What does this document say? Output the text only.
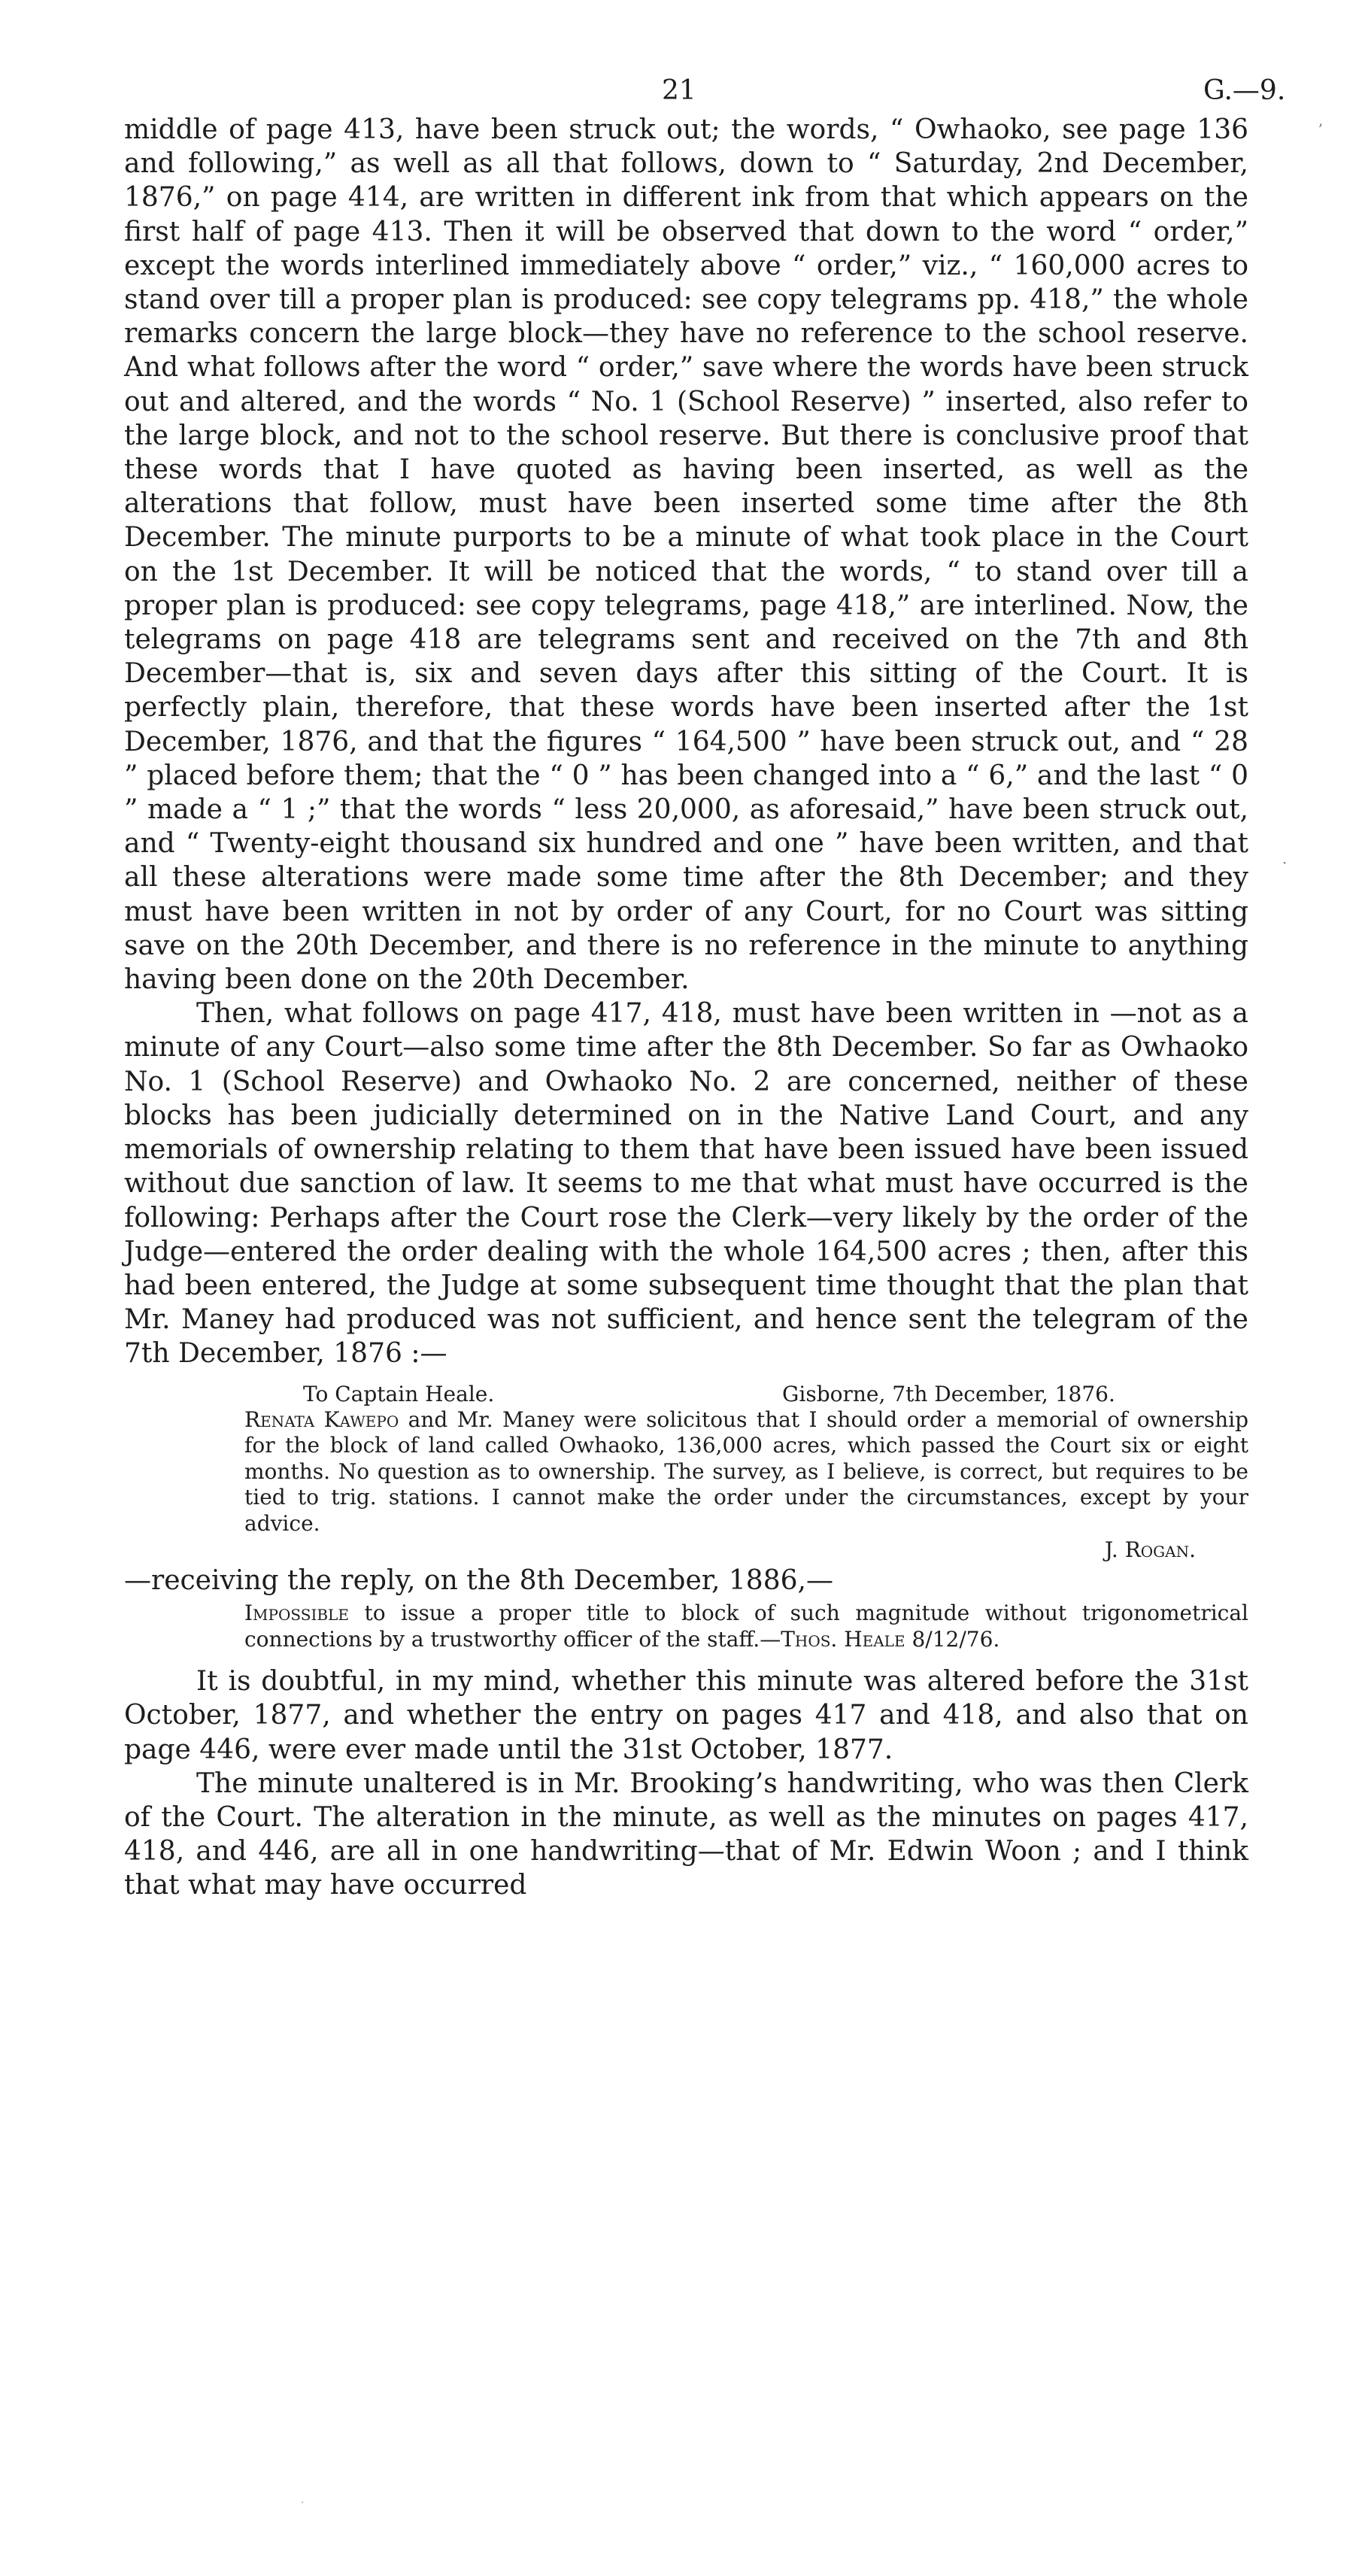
21	G.—9.

middle of page 413, have been struck out; the words, “ Owhaoko, see page 136 and following,” as well as all that follows, down to “ Saturday, 2nd December, 1876,” on page 414, are written in different ink from that which appears on the first half of page 413. Then it will be observed that down to the word “ order,” except the words interlined immediately above “ order,” viz., “ 160,000 acres to stand over till a proper plan is produced: see copy telegrams pp. 418,” the whole remarks concern the large block—they have no reference to the school reserve. And what follows after the word “ order,” save where the words have been struck out and altered, and the words “ No. 1 (School Reserve) ” inserted, also refer to the large block, and not to the school reserve. But there is conclusive proof that these words that I have quoted as having been inserted, as well as the alterations that follow, must have been inserted some time after the 8th December. The minute purports to be a minute of what took place in the Court on the 1st December. It will be noticed that the words, “ to stand over till a proper plan is produced: see copy telegrams, page 418,” are interlined. Now, the telegrams on page 418 are telegrams sent and received on the 7th and 8th December—that is, six and seven days after this sitting of the Court. It is perfectly plain, therefore, that these words have been inserted after the 1st December, 1876, and that the figures “ 164,500 ” have been struck out, and “ 28 ” placed before them; that the “ 0 ” has been changed into a “ 6,” and the last “ 0 ” made a “ 1 ;” that the words “ less 20,000, as aforesaid,” have been struck out, and “ Twenty-eight thousand six hundred and one ” have been written, and that all these alterations were made some time after the 8th December; and they must have been written in not by order of any Court, for no Court was sitting save on the 20th December, and there is no reference in the minute to anything having been done on the 20th December.

Then, what follows on page 417, 418, must have been written in —not as a minute of any Court—also some time after the 8th December. So far as Owhaoko No. 1 (School Reserve) and Owhaoko No. 2 are concerned, neither of these blocks has been judicially determined on in the Native Land Court, and any memorials of ownership relating to them that have been issued have been issued without due sanction of law. It seems to me that what must have occurred is the following: Perhaps after the Court rose the Clerk—very likely by the order of the Judge—entered the order dealing with the whole 164,500 acres ; then, after this had been entered, the Judge at some subsequent time thought that the plan that Mr. Maney had produced was not sufficient, and hence sent the telegram of the 7th December, 1876 :—

To Captain Heale.	Gisborne, 7th December, 1876.
Renata Kawepo and Mr. Maney were solicitous that I should order a memorial of ownership for the block of land called Owhaoko, 136,000 acres, which passed the Court six or eight months. No question as to ownership. The survey, as I believe, is correct, but requires to be tied to trig. stations. I cannot make the order under the circumstances, except by your advice.
J. Rogan.

—receiving the reply, on the 8th December, 1886,—

Impossible to issue a proper title to block of such magnitude without trigonometrical connections by a trustworthy officer of the staff.—Thos. Heale 8/12/76.

It is doubtful, in my mind, whether this minute was altered before the 31st October, 1877, and whether the entry on pages 417 and 418, and also that on page 446, were ever made until the 31st October, 1877.

The minute unaltered is in Mr. Brooking’s handwriting, who was then Clerk of the Court. The alteration in the minute, as well as the minutes on pages 417, 418, and 446, are all in one handwriting—that of Mr. Edwin Woon ; and I think that what may have occurred

ʼ
·
·
